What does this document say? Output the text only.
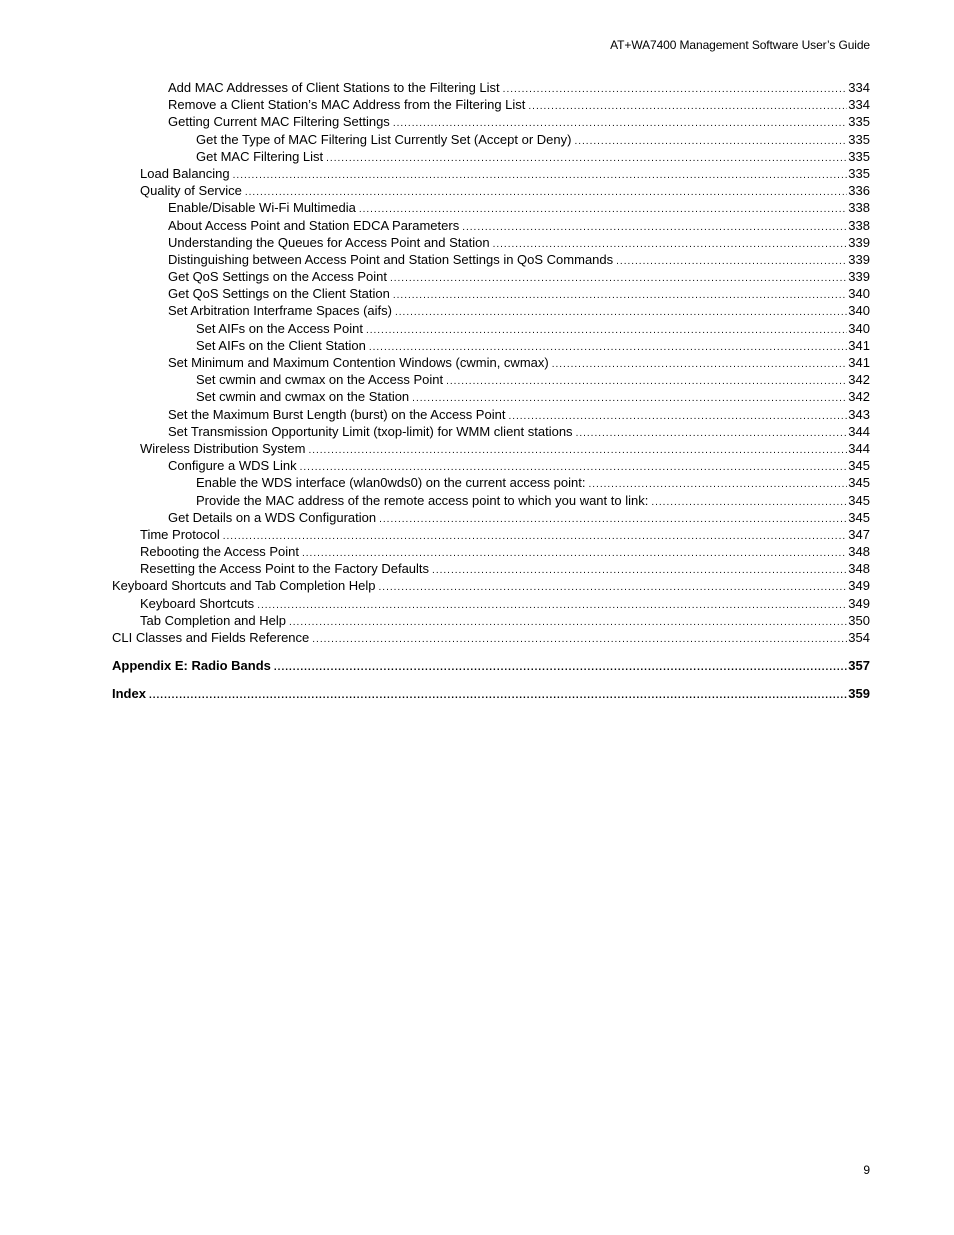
AT+WA7400 Management Software User’s Guide
Add MAC Addresses of Client Stations to the Filtering List .....	334
Remove a Client Station’s MAC Address from the Filtering List .....	334
Getting Current MAC Filtering Settings .....	335
Get the Type of MAC Filtering List Currently Set (Accept or Deny) .....	335
Get MAC Filtering List .....	335
Load Balancing .....	335
Quality of Service .....	336
Enable/Disable Wi-Fi Multimedia .....	338
About Access Point and Station EDCA Parameters .....	338
Understanding the Queues for Access Point and Station .....	339
Distinguishing between Access Point and Station Settings in QoS Commands .....	339
Get QoS Settings on the Access Point .....	339
Get QoS Settings on the Client Station .....	340
Set Arbitration Interframe Spaces (aifs) .....	340
Set AIFs on the Access Point .....	340
Set AIFs on the Client Station .....	341
Set Minimum and Maximum Contention Windows (cwmin, cwmax) .....	341
Set cwmin and cwmax on the Access Point .....	342
Set cwmin and cwmax on the Station .....	342
Set the Maximum Burst Length (burst) on the Access Point .....	343
Set Transmission Opportunity Limit (txop-limit) for WMM client stations .....	344
Wireless Distribution System .....	344
Configure a WDS Link .....	345
Enable the WDS interface (wlan0wds0) on the current access point: .....	345
Provide the MAC address of the remote access point to which you want to link: .....	345
Get Details on a WDS Configuration .....	345
Time Protocol .....	347
Rebooting the Access Point .....	348
Resetting the Access Point to the Factory Defaults .....	348
Keyboard Shortcuts and Tab Completion Help .....	349
Keyboard Shortcuts .....	349
Tab Completion and Help .....	350
CLI Classes and Fields Reference .....	354
Appendix E: Radio Bands .....	357
Index .....	359
9
